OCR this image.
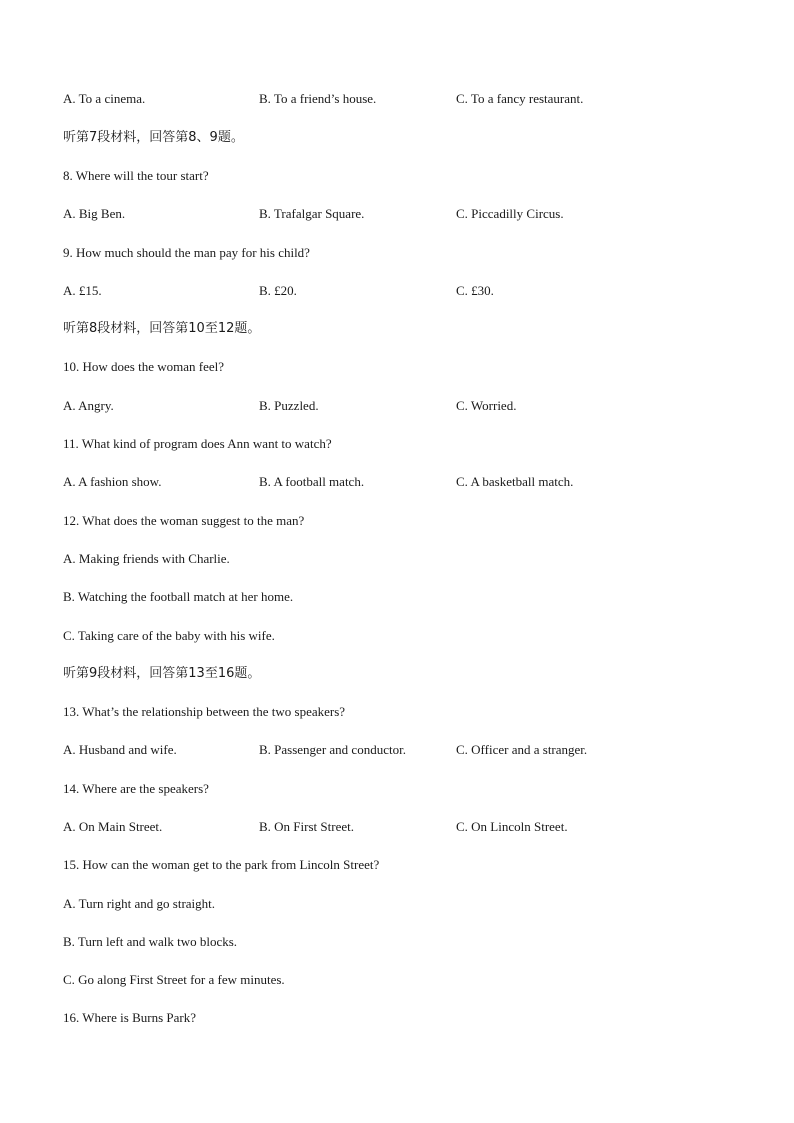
A. To a cinema.	B. To a friend’s house.	C. To a fancy restaurant.
听第7段材料，回答第8、9题。
8. Where will the tour start?
A. Big Ben.	B. Trafalgar Square.	C. Piccadilly Circus.
9. How much should the man pay for his child?
A. £15.	B. £20.	C. £30.
听第8段材料，回答第10至12题。
10. How does the woman feel?
A. Angry.	B. Puzzled.	C. Worried.
11. What kind of program does Ann want to watch?
A. A fashion show.	B. A football match.	C. A basketball match.
12. What does the woman suggest to the man?
A. Making friends with Charlie.
B. Watching the football match at her home.
C. Taking care of the baby with his wife.
听第9段材料，回答第13至16题。
13. What’s the relationship between the two speakers?
A. Husband and wife.	B. Passenger and conductor.	C. Officer and a stranger.
14. Where are the speakers?
A. On Main Street.	B. On First Street.	C. On Lincoln Street.
15. How can the woman get to the park from Lincoln Street?
A. Turn right and go straight.
B. Turn left and walk two blocks.
C. Go along First Street for a few minutes.
16. Where is Burns Park?
